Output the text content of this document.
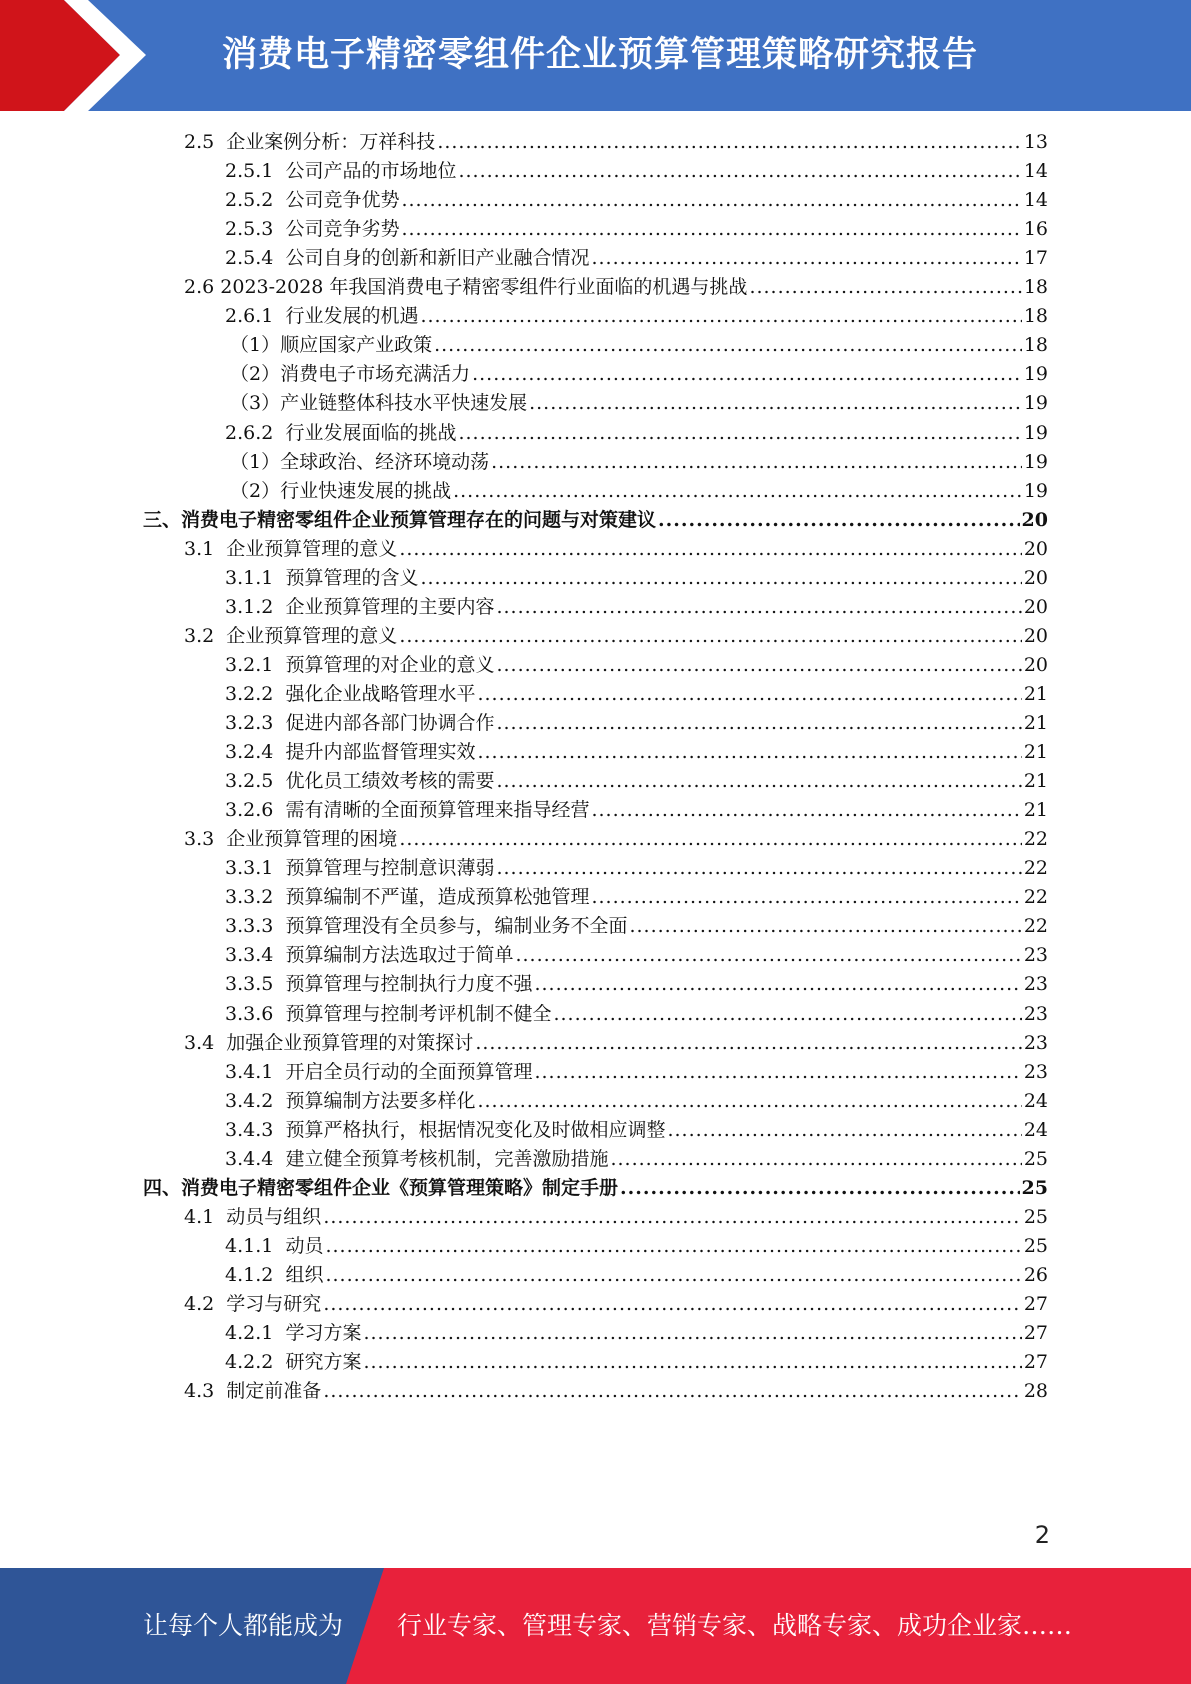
消费电子精密零组件企业预算管理策略研究报告
2.5 企业案例分析：万祥科技 .....	13
2.5.1 公司产品的市场地位 .....	14
2.5.2 公司竞争优势 .....	14
2.5.3 公司竞争劣势 .....	16
2.5.4 公司自身的创新和新旧产业融合情况 .....	17
2.6 2023-2028 年我国消费电子精密零组件行业面临的机遇与挑战 .....	18
2.6.1 行业发展的机遇 .....	18
（1）顺应国家产业政策 .....	18
（2）消费电子市场充满活力 .....	19
（3）产业链整体科技水平快速发展 .....	19
2.6.2 行业发展面临的挑战 .....	19
（1）全球政治、经济环境动荡 .....	19
（2）行业快速发展的挑战 .....	19
三、消费电子精密零组件企业预算管理存在的问题与对策建议 .....	20
3.1 企业预算管理的意义 .....	20
3.1.1 预算管理的含义 .....	20
3.1.2 企业预算管理的主要内容 .....	20
3.2 企业预算管理的意义 .....	20
3.2.1 预算管理的对企业的意义 .....	20
3.2.2 强化企业战略管理水平 .....	21
3.2.3 促进内部各部门协调合作 .....	21
3.2.4 提升内部监督管理实效 .....	21
3.2.5 优化员工绩效考核的需要 .....	21
3.2.6 需有清晰的全面预算管理来指导经营 .....	21
3.3 企业预算管理的困境 .....	22
3.3.1 预算管理与控制意识薄弱 .....	22
3.3.2 预算编制不严谨，造成预算松弛管理 .....	22
3.3.3 预算管理没有全员参与，编制业务不全面 .....	22
3.3.4 预算编制方法选取过于简单 .....	23
3.3.5 预算管理与控制执行力度不强 .....	23
3.3.6 预算管理与控制考评机制不健全 .....	23
3.4 加强企业预算管理的对策探讨 .....	23
3.4.1 开启全员行动的全面预算管理 .....	23
3.4.2 预算编制方法要多样化 .....	24
3.4.3 预算严格执行，根据情况变化及时做相应调整 .....	24
3.4.4 建立健全预算考核机制，完善激励措施 .....	25
四、消费电子精密零组件企业《预算管理策略》制定手册 .....	25
4.1 动员与组织 .....	25
4.1.1 动员 .....	25
4.1.2 组织 .....	26
4.2 学习与研究 .....	27
4.2.1 学习方案 .....	27
4.2.2 研究方案 .....	27
4.3 制定前准备 .....	28
2
让每个人都能成为 行业专家、管理专家、营销专家、战略专家、成功企业家……
